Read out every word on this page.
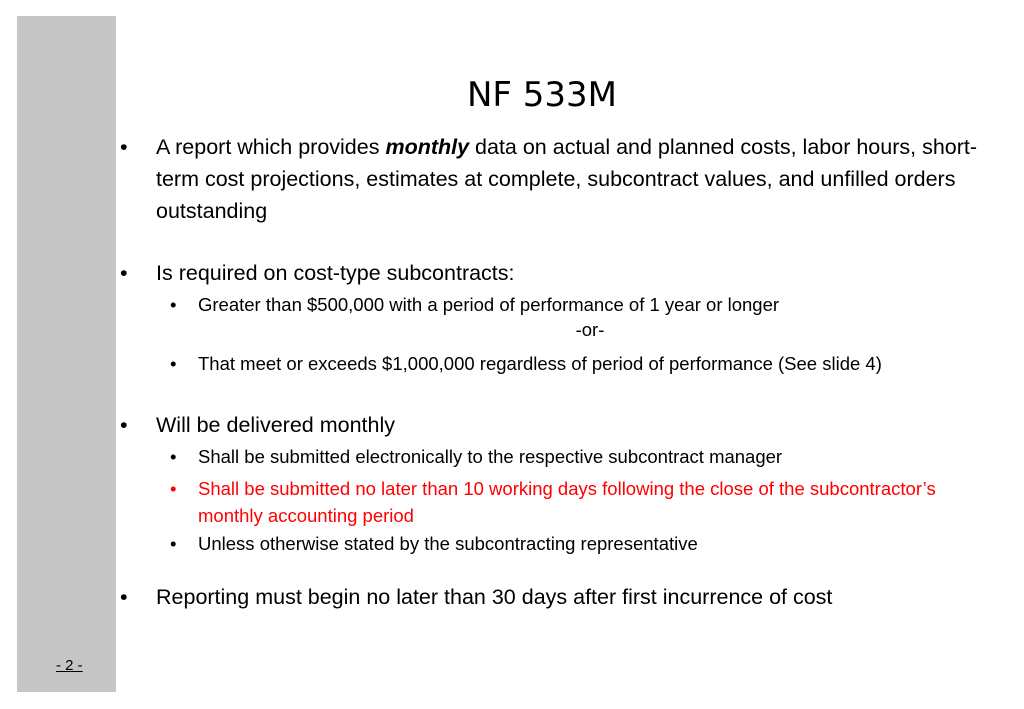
- 2 -
NF 533M
• A report which provides monthly data on actual and planned costs, labor hours, short-term cost projections, estimates at complete, subcontract values, and unfilled orders outstanding
• Is required on cost-type subcontracts:
• Greater than $500,000 with a period of performance of 1 year or longer
-or-
• That meet or exceeds $1,000,000 regardless of period of performance (See slide 4)
• Will be delivered monthly
• Shall be submitted electronically to the respective subcontract manager
• Shall be submitted no later than 10 working days following the close of the subcontractor’s monthly accounting period
• Unless otherwise stated by the subcontracting representative
• Reporting must begin no later than 30 days after first incurrence of cost
